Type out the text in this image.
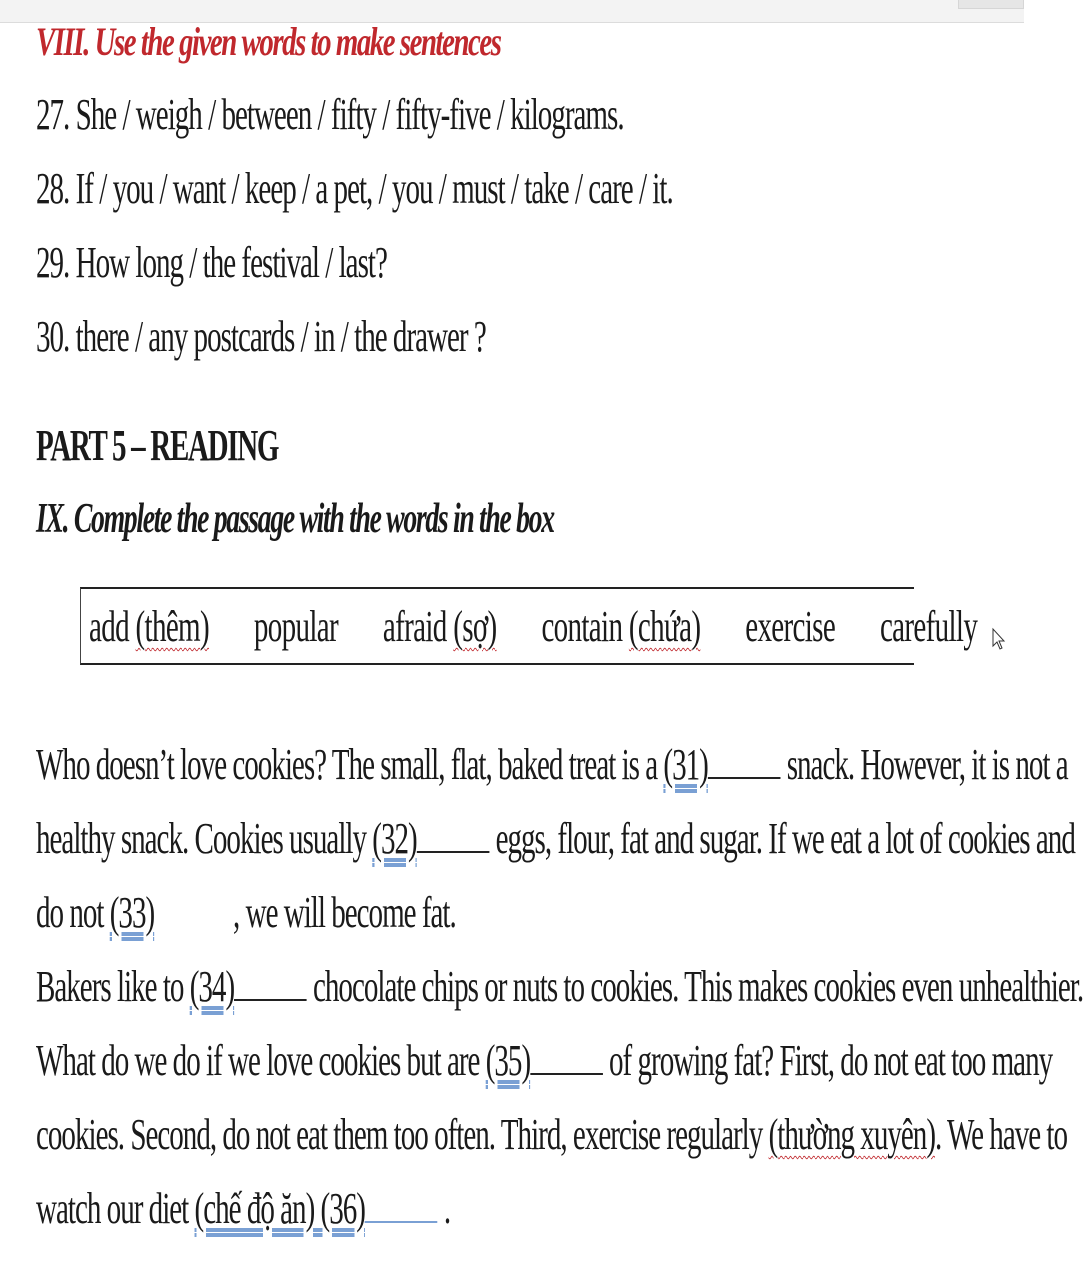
VIII. Use the given words to make sentences

27. She / weigh / between / fifty / fifty-five / kilograms.

28. If / you / want / keep / a pet, / you / must / take / care / it.

29. How long / the festival / last?

30. there / any postcards / in / the drawer ?

PART 5 – READING

IX. Complete the passage with the words in the box

add (thêm) popular afraid (sợ) contain (chứa) exercise carefully

Who doesn’t love cookies? The small, flat, baked treat is a (31) snack. However, it is not a

healthy snack. Cookies usually (32) eggs, flour, fat and sugar. If we eat a lot of cookies and

do not (33) , we will become fat.

Bakers like to (34) chocolate chips or nuts to cookies. This makes cookies even unhealthier.

What do we do if we love cookies but are (35) of growing fat? First, do not eat too many

cookies. Second, do not eat them too often. Third, exercise regularly (thường xuyên). We have to

watch our diet (chế độ ăn) (36) .
